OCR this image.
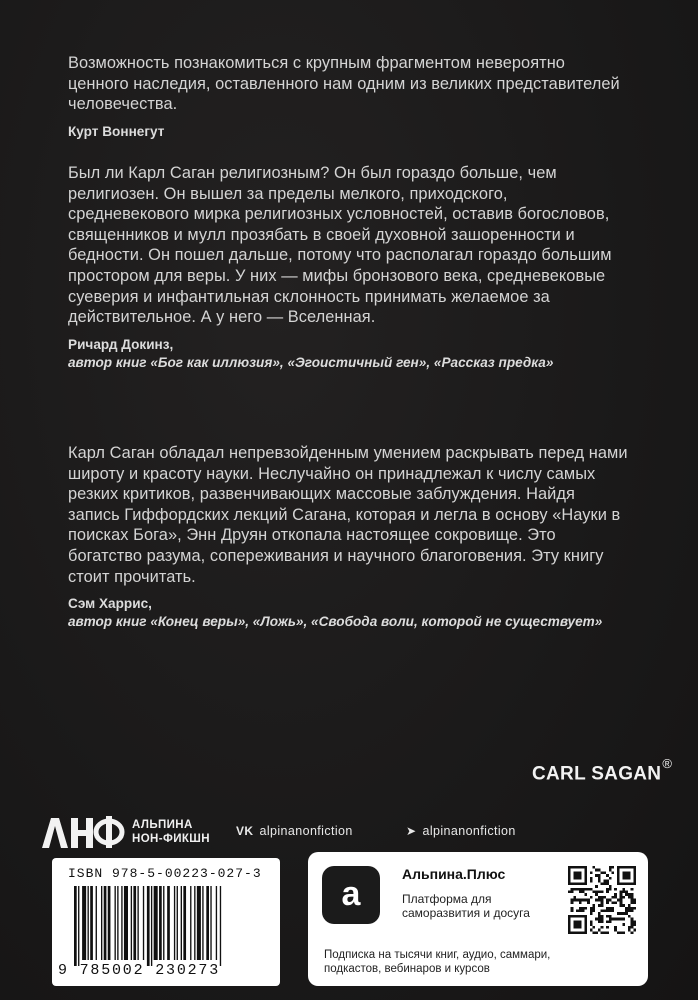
Возможность познакомиться с крупным фрагментом невероятно ценного наследия, оставленного нам одним из великих представителей человечества.

Курт Воннегут

Был ли Карл Саган религиозным? Он был гораздо больше, чем религиозен. Он вышел за пределы мелкого, приходского, средневекового мирка религиозных условностей, оставив богословов, священников и мулл прозябать в своей духовной зашоренности и бедности. Он пошел дальше, потому что располагал гораздо большим простором для веры. У них — мифы бронзового века, средневековые суеверия и инфантильная склонность принимать желаемое за действительное. А у него — Вселенная.

Ричард Докинз,
автор книг «Бог как иллюзия», «Эгоистичный ген», «Рассказ предка»

Карл Саган обладал непревзойденным умением раскрывать перед нами широту и красоту науки. Неслучайно он принадлежал к числу самых резких критиков, развенчивающих массовые заблуждения. Найдя запись Гиффордских лекций Сагана, которая и легла в основу «Науки в поисках Бога», Энн Друян откопала настоящее сокровище. Это богатство разума, сопереживания и научного благоговения. Эту книгу стоит прочитать.

Сэм Харрис,
автор книг «Конец веры», «Ложь», «Свобода воли, которой не существует»
CARL SAGAN®
АЛЬПИНА
НОН-ФИКШН
VK alpinanonfiction	➤ alpinanonfiction
ISBN 978-5-00223-027-3
9 785002 230273
a
Альпина.Плюс
Платформа для саморазвития и досуга
Подписка на тысячи книг, аудио, саммари, подкастов, вебинаров и курсов
